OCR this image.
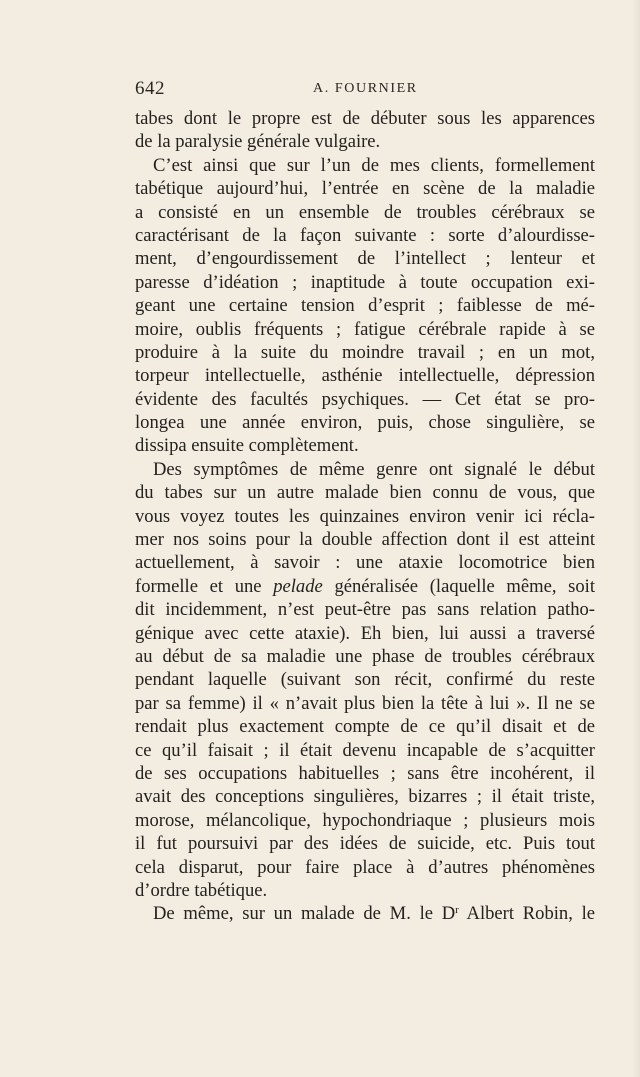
642	A. FOURNIER
tabes dont le propre est de débuter sous les apparences
de la paralysie générale vulgaire.
C’est ainsi que sur l’un de mes clients, formellement
tabétique aujourd’hui, l’entrée en scène de la maladie
a consisté en un ensemble de troubles cérébraux se
caractérisant de la façon suivante : sorte d’alourdisse-
ment, d’engourdissement de l’intellect ; lenteur et
paresse d’idéation ; inaptitude à toute occupation exi-
geant une certaine tension d’esprit ; faiblesse de mé-
moire, oublis fréquents ; fatigue cérébrale rapide à se
produire à la suite du moindre travail ; en un mot,
torpeur intellectuelle, asthénie intellectuelle, dépression
évidente des facultés psychiques. — Cet état se pro-
longea une année environ, puis, chose singulière, se
dissipa ensuite complètement.
Des symptômes de même genre ont signalé le début
du tabes sur un autre malade bien connu de vous, que
vous voyez toutes les quinzaines environ venir ici récla-
mer nos soins pour la double affection dont il est atteint
actuellement, à savoir : une ataxie locomotrice bien
formelle et une pelade généralisée (laquelle même, soit
dit incidemment, n’est peut-être pas sans relation patho-
génique avec cette ataxie). Eh bien, lui aussi a traversé
au début de sa maladie une phase de troubles cérébraux
pendant laquelle (suivant son récit, confirmé du reste
par sa femme) il « n’avait plus bien la tête à lui ». Il ne se
rendait plus exactement compte de ce qu’il disait et de
ce qu’il faisait ; il était devenu incapable de s’acquitter
de ses occupations habituelles ; sans être incohérent, il
avait des conceptions singulières, bizarres ; il était triste,
morose, mélancolique, hypochondriaque ; plusieurs mois
il fut poursuivi par des idées de suicide, etc. Puis tout
cela disparut, pour faire place à d’autres phénomènes
d’ordre tabétique.
De même, sur un malade de M. le $D^r$ Albert Robin, le
